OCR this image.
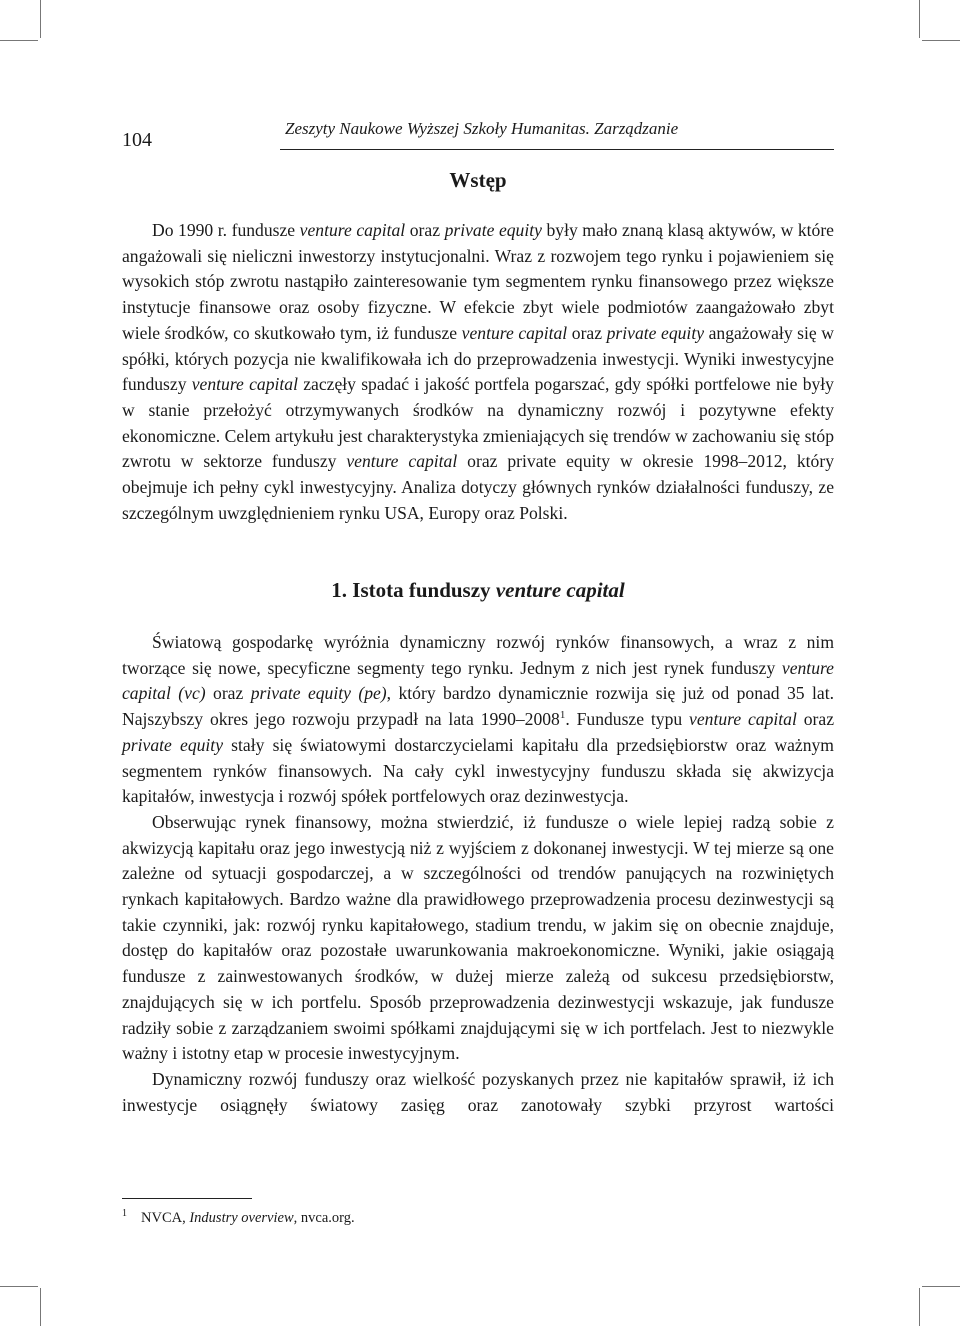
104
Zeszyty Naukowe Wyższej Szkoły Humanitas. Zarządzanie
Wstęp

Do 1990 r. fundusze venture capital oraz private equity były mało znaną klasą aktywów, w które angażowali się nieliczni inwestorzy instytucjonalni. Wraz z rozwojem tego rynku i pojawieniem się wysokich stóp zwrotu nastąpiło zainteresowanie tym segmentem rynku finansowego przez większe instytucje finansowe oraz osoby fizyczne. W efekcie zbyt wiele podmiotów zaangażowało zbyt wiele środków, co skutkowało tym, iż fundusze venture capital oraz private equity angażowały się w spółki, których pozycja nie kwalifikowała ich do przeprowadzenia inwestycji. Wyniki inwestycyjne funduszy venture capital zaczęły spadać i jakość portfela pogarszać, gdy spółki portfelowe nie były w stanie przełożyć otrzymywanych środków na dynamiczny rozwój i pozytywne efekty ekonomiczne. Celem artykułu jest charakterystyka zmieniających się trendów w zachowaniu się stóp zwrotu w sektorze funduszy venture capital oraz private equity w okresie 1998–2012, który obejmuje ich pełny cykl inwestycyjny. Analiza dotyczy głównych rynków działalności funduszy, ze szczególnym uwzględnieniem rynku USA, Europy oraz Polski.

1. Istota funduszy venture capital

Światową gospodarkę wyróżnia dynamiczny rozwój rynków finansowych, a wraz z nim tworzące się nowe, specyficzne segmenty tego rynku. Jednym z nich jest rynek funduszy venture capital (vc) oraz private equity (pe), który bardzo dynamicznie rozwija się już od ponad 35 lat. Najszybszy okres jego rozwoju przypadł na lata 1990–2008$^1$. Fundusze typu venture capital oraz private equity stały się światowymi dostarczycielami kapitału dla przedsiębiorstw oraz ważnym segmentem rynków finansowych. Na cały cykl inwestycyjny funduszu składa się akwizycja kapitałów, inwestycja i rozwój spółek portfelowych oraz dezinwestycja.

Obserwując rynek finansowy, można stwierdzić, iż fundusze o wiele lepiej radzą sobie z akwizycją kapitału oraz jego inwestycją niż z wyjściem z dokonanej inwestycji. W tej mierze są one zależne od sytuacji gospodarczej, a w szczególności od trendów panujących na rozwiniętych rynkach kapitałowych. Bardzo ważne dla prawidłowego przeprowadzenia procesu dezinwestycji są takie czynniki, jak: rozwój rynku kapitałowego, stadium trendu, w jakim się on obecnie znajduje, dostęp do kapitałów oraz pozostałe uwarunkowania makroekonomiczne. Wyniki, jakie osiągają fundusze z zainwestowanych środków, w dużej mierze zależą od sukcesu przedsiębiorstw, znajdujących się w ich portfelu. Sposób przeprowadzenia dezinwestycji wskazuje, jak fundusze radziły sobie z zarządzaniem swoimi spółkami znajdującymi się w ich portfelach. Jest to niezwykle ważny i istotny etap w procesie inwestycyjnym.

Dynamiczny rozwój funduszy oraz wielkość pozyskanych przez nie kapitałów sprawił, iż ich inwestycje osiągnęły światowy zasięg oraz zanotowały szybki przyrost wartości

$^1$ NVCA, Industry overview, nvca.org.
